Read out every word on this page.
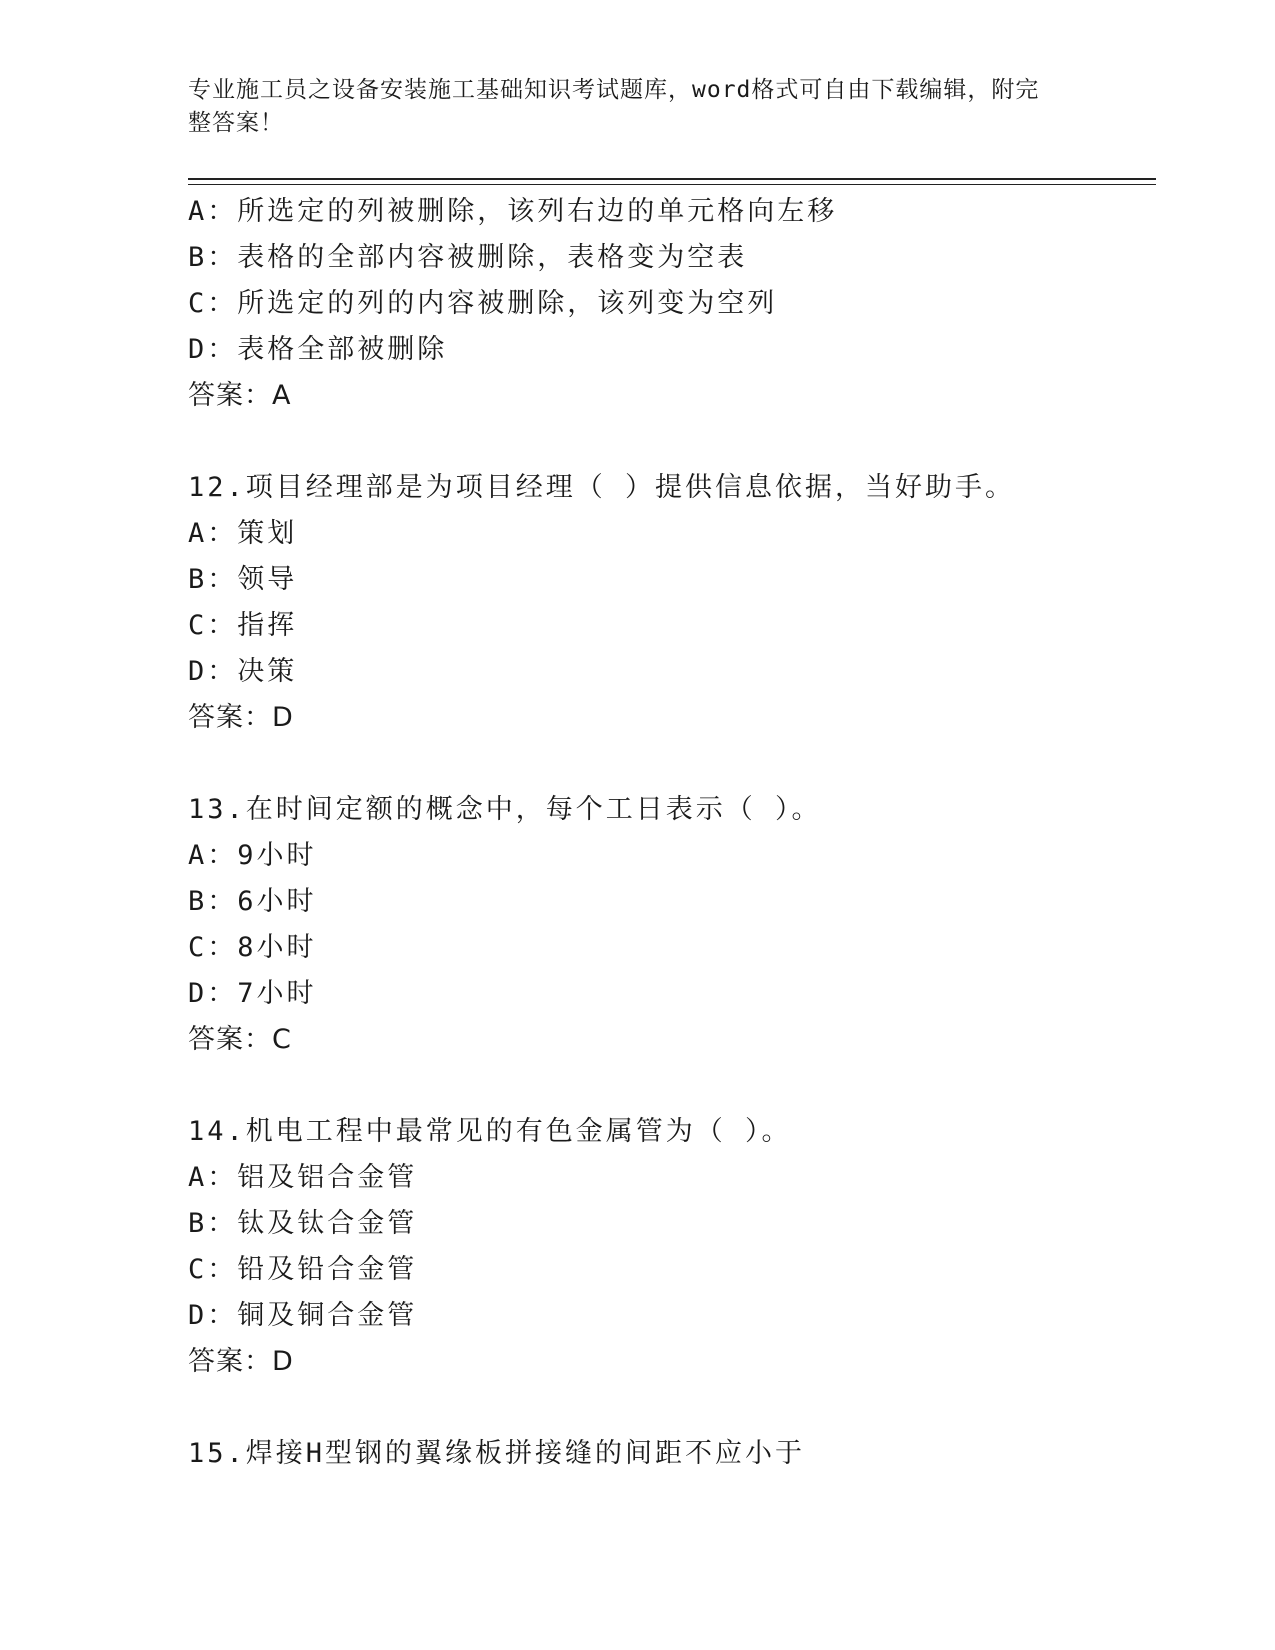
专业施工员之设备安装施工基础知识考试题库，word格式可自由下载编辑，附完
整答案！
A：所选定的列被删除，该列右边的单元格向左移
B：表格的全部内容被删除，表格变为空表
C：所选定的列的内容被删除，该列变为空列
D：表格全部被删除
答案：A
12.项目经理部是为项目经理（ ）提供信息依据，当好助手。
A：策划
B：领导
C：指挥
D：决策
答案：D
13.在时间定额的概念中，每个工日表示（ ）。
A：9小时
B：6小时
C：8小时
D：7小时
答案：C
14.机电工程中最常见的有色金属管为（ ）。
A：铝及铝合金管
B：钛及钛合金管
C：铅及铅合金管
D：铜及铜合金管
答案：D
15.焊接H型钢的翼缘板拼接缝的间距不应小于
